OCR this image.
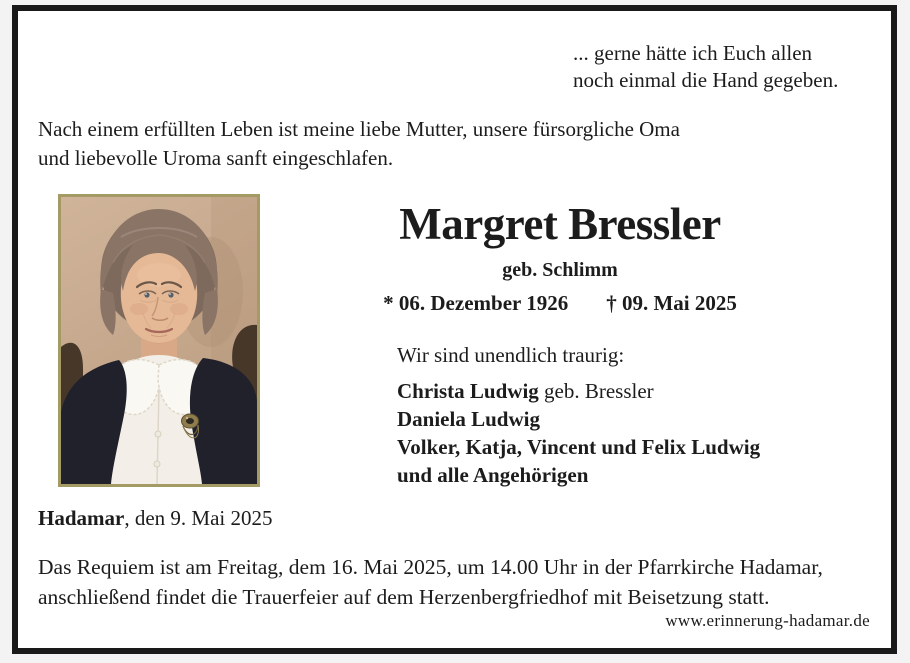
... gerne hätte ich Euch allen
noch einmal die Hand gegeben.
Nach einem erfüllten Leben ist meine liebe Mutter, unsere fürsorgliche Oma
und liebevolle Uroma sanft eingeschlafen.
Margret Bressler
geb. Schlimm
* 06. Dezember 1926 † 09. Mai 2025
Wir sind unendlich traurig:
Christa Ludwig geb. Bressler
Daniela Ludwig
Volker, Katja, Vincent und Felix Ludwig
und alle Angehörigen
Hadamar, den 9. Mai 2025
Das Requiem ist am Freitag, dem 16. Mai 2025, um 14.00 Uhr in der Pfarrkirche Hadamar,
anschließend findet die Trauerfeier auf dem Herzenbergfriedhof mit Beisetzung statt.
www.erinnerung-hadamar.de
